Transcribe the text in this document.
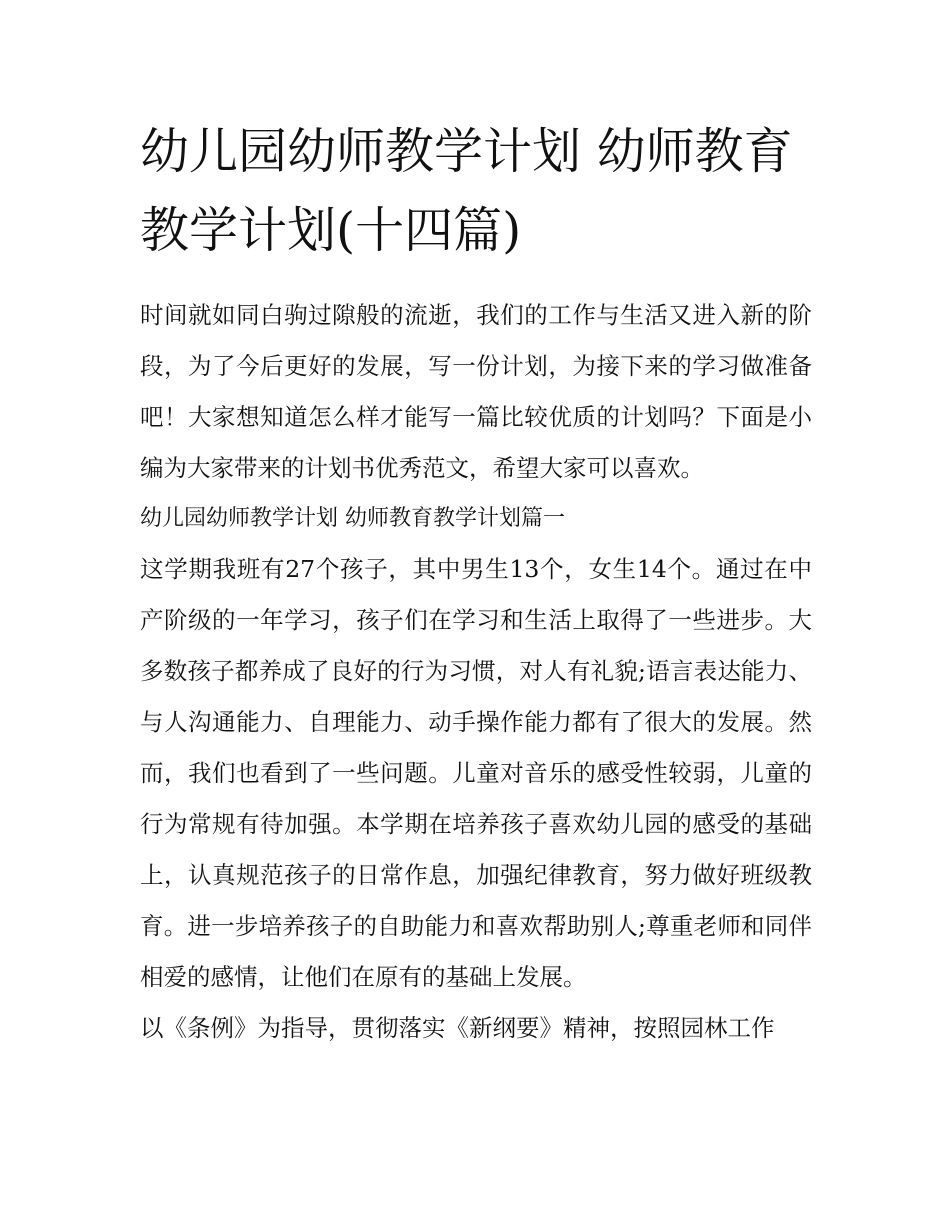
幼儿园幼师教学计划 幼师教育教学计划(十四篇)

时间就如同白驹过隙般的流逝，我们的工作与生活又进入新的阶段，为了今后更好的发展，写一份计划，为接下来的学习做准备吧！大家想知道怎么样才能写一篇比较优质的计划吗？下面是小编为大家带来的计划书优秀范文，希望大家可以喜欢。

幼儿园幼师教学计划 幼师教育教学计划篇一

这学期我班有27个孩子，其中男生13个，女生14个。通过在中产阶级的一年学习，孩子们在学习和生活上取得了一些进步。大多数孩子都养成了良好的行为习惯，对人有礼貌;语言表达能力、与人沟通能力、自理能力、动手操作能力都有了很大的发展。然而，我们也看到了一些问题。儿童对音乐的感受性较弱，儿童的行为常规有待加强。本学期在培养孩子喜欢幼儿园的感受的基础上，认真规范孩子的日常作息，加强纪律教育，努力做好班级教育。进一步培养孩子的自助能力和喜欢帮助别人;尊重老师和同伴相爱的感情，让他们在原有的基础上发展。

以《条例》为指导，贯彻落实《新纲要》精神，按照园林工作
